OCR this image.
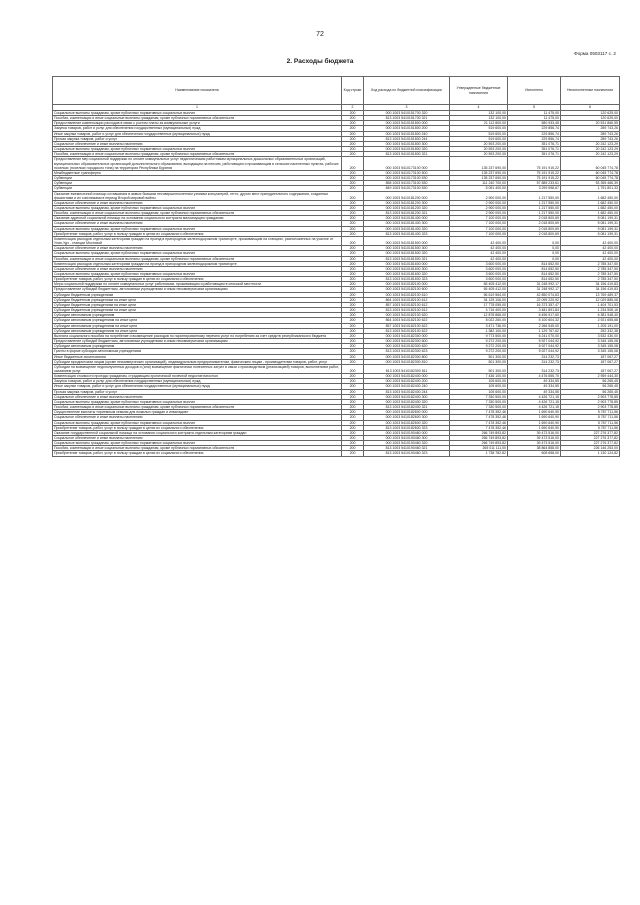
72
Форма 0503117 с. 2
2. Расходы бюджета
Наименование показателя	Код строки	Код расхода по бюджетной классификации	Утвержденные бюджетные назначения	Исполнено	Неисполненные назначения
1	2	3	4	5	6
Социальные выплаты гражданам, кроме публичных нормативных социальных выплат	200	000 1003 5410151700 320	132 100,00	11 475,00	120 625,00
Пособия, компенсации и иные социальные выплаты гражданам, кроме публичных нормативных обязательств	200	813 1003 5410151700 321	132 100,00	11 475,00	120 625,00
Предоставление компенсации расходов в связи с ростом платы за коммунальные услуги	200	000 1003 5410151800 000	21 112 800,00	580 933,45	20 531 866,55
Закупка товаров, работ и услуг для обеспечения государственных (муниципальных) нужд	200	000 1003 5410151800 200	519 600,00	229 856,74	289 743,26
Иные закупки товаров, работ и услуг для обеспечения государственных (муниципальных) нужд	200	000 1003 5410151800 240	519 600,00	229 856,74	289 743,26
Прочая закупка товаров, работ и услуг	200	813 1003 5410151800 244	519 600,00	229 856,74	289 743,26
Социальное обеспечение и иные выплаты населению	200	000 1003 5410151800 300	20 593 200,00	351 076,71	20 242 123,29
Социальные выплаты гражданам, кроме публичных нормативных социальных выплат	200	000 1003 5410151800 320	20 593 200,00	351 076,71	20 242 123,29
Пособия, компенсации и иные социальные выплаты гражданам, кроме публичных нормативных обязательств	200	813 1003 5410151800 321	20 593 200,00	351 076,71	20 242 123,29
Предоставление мер социальной поддержки по оплате коммунальных услуг педагогическим работникам муниципальных дошкольных образовательных организаций, муниципальных образовательных организаций дополнительного образования, выходящим на пенсию, работающим и проживающим в сельских населенных пунктах, рабочих поселках (поселках городского типа) на территории Республики Бурятия	200	000 1003 5410173100 000	135 237 690,00	75 191 915,22	60 045 774,78
Межбюджетные трансферты	200	000 1003 5410173100 500	135 237 690,00	75 191 915,22	60 045 774,78
Субвенции	200	000 1003 5410173100 530	135 237 690,00	75 191 915,22	60 045 774,78
Субвенции	200	858 1003 5410173100 530	111 240 700,00	57 885 233,61	53 355 466,39
Субвенции	200	849 1003 5410173100 530	5 051 400,00	3 299 598,67	1 751 801,33
Оказание ежемесячной помощи оставшимся в живых бывшим несовершеннолетним узникам концлагерей, гетто, других мест принудительного содержания, созданных фашистами и их союзниками в период Второй мировой войны	200	000 1003 5410181200 000	2 900 000,00	1 217 550,00	1 682 450,00
Социальное обеспечение и иные выплаты населению	200	000 1003 5410181200 300	2 900 000,00	1 217 550,00	1 682 450,00
Социальные выплаты гражданам, кроме публичных нормативных социальных выплат	200	000 1003 5410181200 320	2 900 000,00	1 217 550,00	1 682 450,00
Пособия, компенсации и иные социальные выплаты гражданам, кроме публичных нормативных обязательств	200	813 1003 5410181200 321	2 900 000,00	1 217 550,00	1 682 450,00
Оказание адресной социальной помощи на основании социального контракта малоимущим гражданам	200	000 1003 5410181400 000	7 100 000,00	2 018 800,69	5 081 199,31
Социальное обеспечение и иные выплаты населению	200	000 1003 5410181400 300	7 100 000,00	2 018 800,69	5 081 199,31
Социальные выплаты гражданам, кроме публичных нормативных социальных выплат	200	000 1003 5410181400 320	7 100 000,00	2 018 800,69	5 081 199,31
Приобретение товаров, работ, услуг в пользу граждан в целях их социального обеспечения	200	813 1003 5410181400 323	7 100 000,00	2 018 800,69	5 081 199,31
Компенсация расходов отдельным категориям граждан на проезд в пригородном железнодорожном транспорте, проживающим на станциях, расположенных на участке от Улан-Удэ - станции Мостовой	200	000 1003 5410181500 000	42 400,00	0,00	42 400,00
Социальное обеспечение и иные выплаты населению	200	000 1003 5410181500 300	42 400,00	0,00	42 400,00
Социальные выплаты гражданам, кроме публичных нормативных социальных выплат	200	000 1003 5410181500 320	42 400,00	0,00	42 400,00
Пособия, компенсации и иные социальные выплаты гражданам, кроме публичных нормативных обязательств	200	813 1003 5410181500 321	42 400,00	0,00	42 400,00
Компенсация расходов отдельным категориям граждан на проезд в пригородном железнодорожном транспорте	200	000 1003 5410181600 000	3 600 000,00	814 652,50	2 785 347,50
Социальное обеспечение и иные выплаты населению	200	000 1003 5410181600 300	3 600 000,00	814 652,50	2 785 347,50
Социальные выплаты гражданам, кроме публичных нормативных социальных выплат	200	000 1003 5410181600 320	3 600 000,00	814 652,50	2 785 347,50
Приобретение товаров, работ, услуг в пользу граждан в целях их социального обеспечения	200	813 1003 5410181600 323	3 600 000,00	814 652,50	2 785 347,50
Меры социальной поддержки по оплате коммунальных услуг работникам, проживающим и работающим в сельской местности	200	000 1003 5410182100 000	65 405 412,00	31 248 992,17	34 156 419,83
Предоставление субсидий бюджетным, автономным учреждениям и иным некоммерческим организациям	200	000 1003 5410182100 600	65 405 412,00	31 248 992,17	34 156 419,83
Субсидии бюджетным учреждениям	200	000 1003 5410182100 610	56 619 564,00	42 850 074,63	13 769 489,37
Субсидии бюджетным учреждениям на иные цели	200	864 1003 5410182100 612	34 125 106,00	22 095 220,92	12 029 885,08
Субсидии бюджетным учреждениям на иные цели	200	857 1003 5410182100 612	17 778 059,00	16 373 357,47	1 404 701,53
Субсидии бюджетным учреждениям на иные цели	200	813 1003 5410182100 612	4 716 400,00	3 481 891,84	1 234 508,16
Субсидии автономным учреждениям	200	000 1003 5410182100 620	12 878 866,00	6 496 917,60	6 381 948,40
Субсидии автономным учреждениям на иные цели	200	864 1003 5410182100 622	8 022 260,00	5 100 604,32	2 921 655,68
Субсидии автономным учреждениям на иные цели	200	857 1003 5410182100 622	3 471 736,00	2 266 545,00	1 205 191,00
Субсидии автономным учреждениям на иные цели	200	813 1003 5410182100 622	1 382 100,00	1 129 767,62	252 332,38
Выплата социального пособия на погребение и возмещение расходов по гарантированному перечню услуг по погребению за счет средств республиканского бюджета	200	000 1003 5410182300 000	9 773 500,00	6 241 070,00	3 532 430,00
Предоставление субсидий бюджетным, автономным учреждениям и иным некоммерческим организациям	200	000 1003 5410182300 600	9 272 200,00	5 927 044,92	3 345 155,08
Субсидии автономным учреждениям	200	000 1003 5410182300 620	9 272 200,00	5 927 044,92	3 345 155,08
Гранты в форме субсидии автономным учреждениям	200	813 1003 5410182300 623	9 272 200,00	5 927 044,92	3 345 155,08
Иные бюджетные ассигнования	200	000 1003 5410182300 800	501 300,00	314 232,73	187 067,27
Субсидии юридическим лицам (кроме некоммерческих организаций), индивидуальным предпринимателям, физическим лицам - производителям товаров, работ, услуг	200	000 1003 5410182300 810	501 300,00	314 232,73	187 067,27
Субсидии на возмещение недополученных доходов и (или) возмещение фактически понесенных затрат в связи с производством (реализацией) товаров, выполнением работ, оказанием услуг	200	813 1003 5410182300 811	501 300,00	314 232,73	187 067,27
Компенсация стоимости проезда гражданам, страдающим хронической почечной недостаточностью	200	000 1003 5410182400 000	7 436 100,00	4 476 655,70	2 959 444,30
Закупка товаров, работ и услуг для обеспечения государственных (муниципальных) нужд	200	000 1003 5410182400 200	105 600,00	49 334,55	56 265,45
Иные закупки товаров, работ и услуг для обеспечения государственных (муниципальных) нужд	200	000 1003 5410182400 240	105 600,00	49 334,55	56 265,45
Прочая закупка товаров, работ и услуг	200	813 1003 5410182400 244	105 600,00	49 334,55	56 265,45
Социальное обеспечение и иные выплаты населению	200	000 1003 5410182400 300	7 330 500,00	4 426 721,15	2 903 778,85
Социальные выплаты гражданам, кроме публичных нормативных социальных выплат	200	000 1003 5410182400 320	7 330 500,00	4 426 721,15	2 903 778,85
Пособия, компенсации и иные социальные выплаты гражданам, кроме публичных нормативных обязательств	200	813 1003 5410182400 321	7 330 500,00	4 426 721,15	2 903 778,85
Осуществление выплаты «приемным семьям для пожилых граждан и инвалидов»	200	000 1003 5410182600 000	7 478 352,46	1 690 640,90	5 787 711,56
Социальное обеспечение и иные выплаты населению	200	000 1003 5410182600 300	7 478 352,46	1 690 640,90	5 787 711,56
Социальные выплаты гражданам, кроме публичных нормативных социальных выплат	200	000 1003 5410182600 320	7 478 352,46	1 690 640,90	5 787 711,56
Приобретение товаров, работ, услуг в пользу граждан в целях их социального обеспечения	200	813 1003 5410182600 323	7 478 352,46	1 690 640,90	5 787 711,56
Оказание государственной социальной помощи на основании социального контракта отдельным категориям граждан	200	000 1003 5410190460 000	266 749 893,82	39 473 516,00	227 276 377,82
Социальное обеспечение и иные выплаты населению	200	000 1003 5410190460 300	266 749 893,82	39 473 516,00	227 276 377,82
Социальные выплаты гражданам, кроме публичных нормативных социальных выплат	200	000 1003 5410190460 320	266 749 893,82	39 473 516,00	227 276 377,82
Пособия, компенсации и иные социальные выплаты гражданам, кроме публичных нормативных обязательств	200	813 1003 5410190460 321	265 011 111,00	38 864 858,00	226 146 253,00
Приобретение товаров, работ, услуг в пользу граждан в целях их социального обеспечения	200	813 1003 5410190460 323	1 738 782,82	608 658,00	1 130 124,82
